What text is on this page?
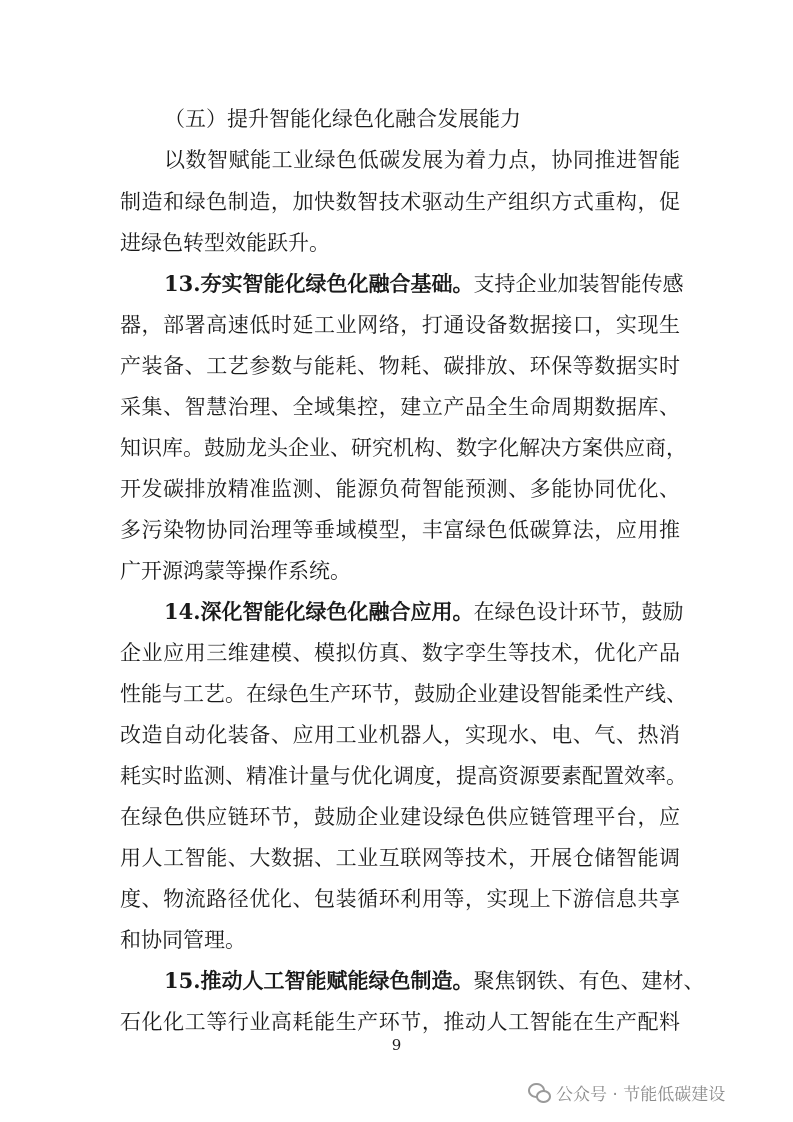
（五）提升智能化绿色化融合发展能力
以数智赋能工业绿色低碳发展为着力点，协同推进智能
制造和绿色制造，加快数智技术驱动生产组织方式重构，促
进绿色转型效能跃升。
13.夯实智能化绿色化融合基础。支持企业加装智能传感
器，部署高速低时延工业网络，打通设备数据接口，实现生
产装备、工艺参数与能耗、物耗、碳排放、环保等数据实时
采集、智慧治理、全域集控，建立产品全生命周期数据库、
知识库。鼓励龙头企业、研究机构、数字化解决方案供应商，
开发碳排放精准监测、能源负荷智能预测、多能协同优化、
多污染物协同治理等垂域模型，丰富绿色低碳算法，应用推
广开源鸿蒙等操作系统。
14.深化智能化绿色化融合应用。在绿色设计环节，鼓励
企业应用三维建模、模拟仿真、数字孪生等技术，优化产品
性能与工艺。在绿色生产环节，鼓励企业建设智能柔性产线、
改造自动化装备、应用工业机器人，实现水、电、气、热消
耗实时监测、精准计量与优化调度，提高资源要素配置效率。
在绿色供应链环节，鼓励企业建设绿色供应链管理平台，应
用人工智能、大数据、工业互联网等技术，开展仓储智能调
度、物流路径优化、包装循环利用等，实现上下游信息共享
和协同管理。
15.推动人工智能赋能绿色制造。聚焦钢铁、有色、建材、
石化化工等行业高耗能生产环节，推动人工智能在生产配料
9
公众号 · 节能低碳建设
